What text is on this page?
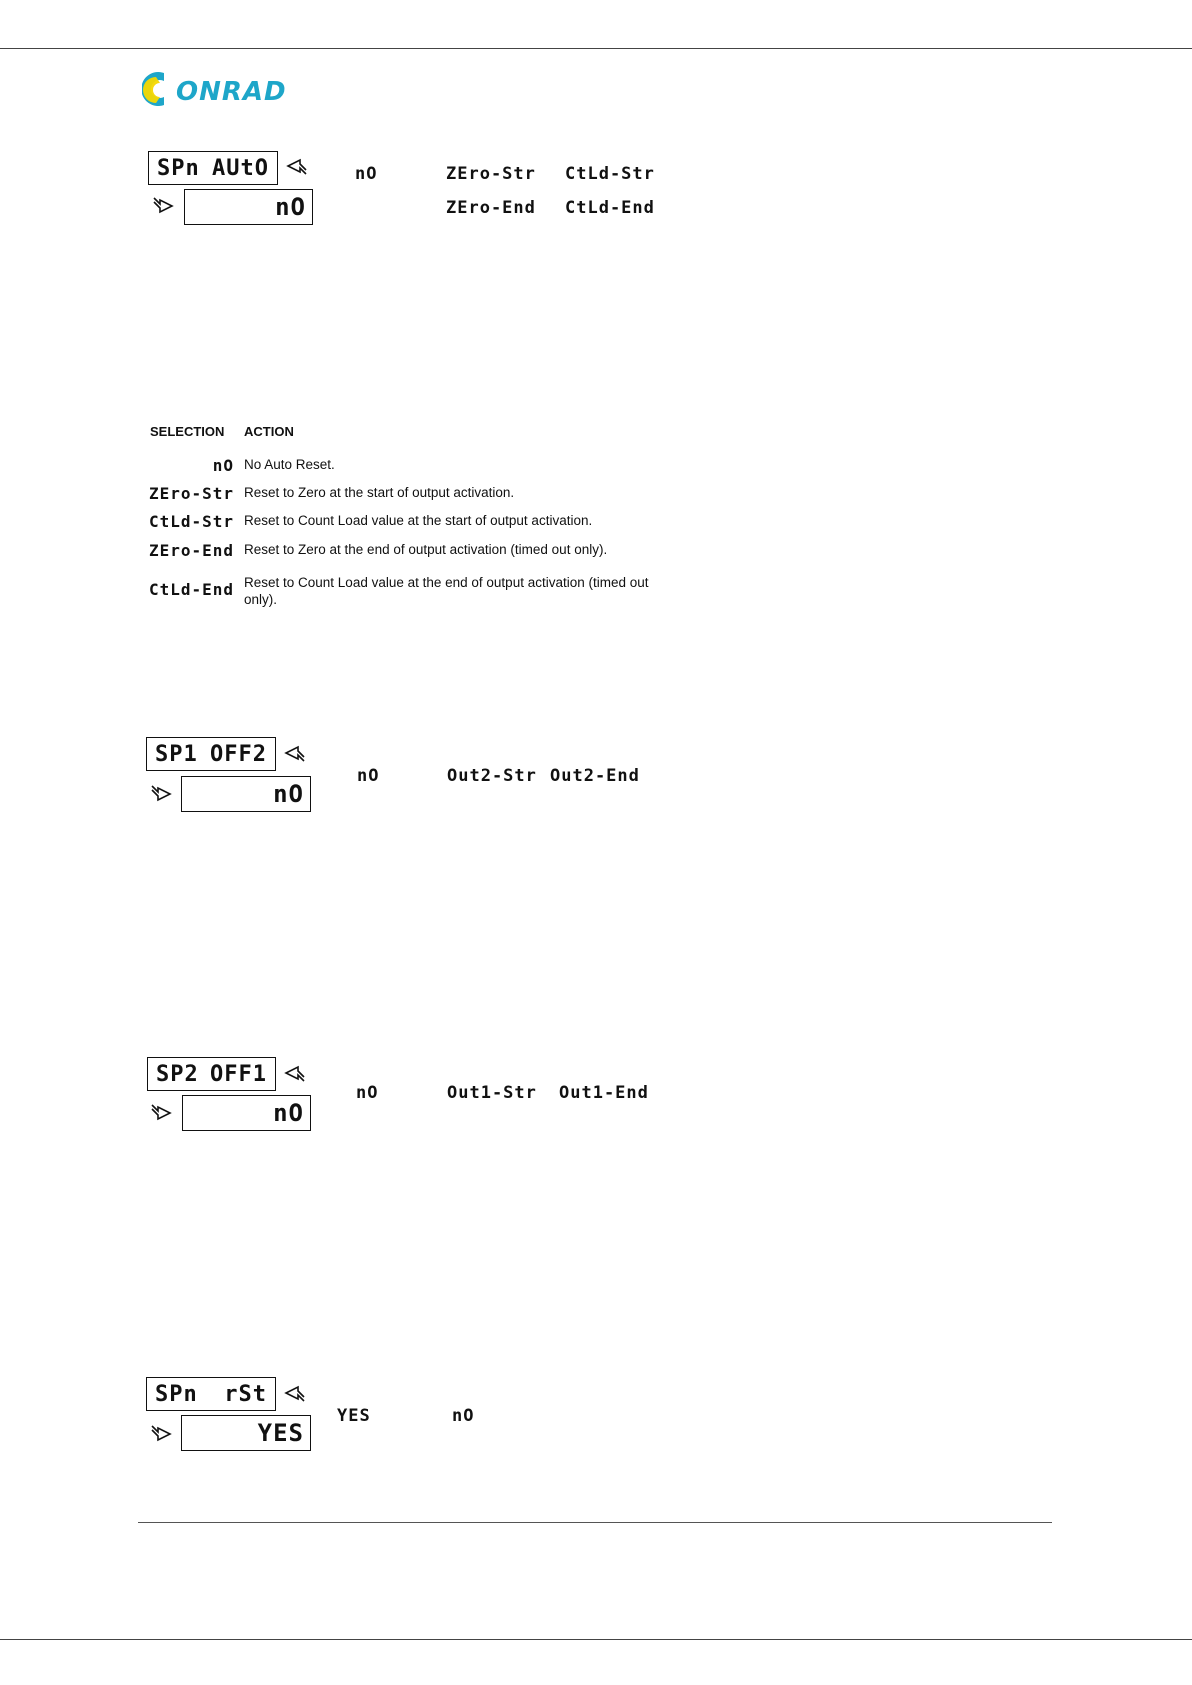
ONRAD
SPn AUtO
nO
nO	ZEro-Str CtLd-Str
ZEro-End CtLd-End
SELECTION ACTION
nO No Auto Reset.
ZEro-Str Reset to Zero at the start of output activation.
CtLd-Str Reset to Count Load value at the start of output activation.
ZEro-End Reset to Zero at the end of output activation (timed out only).
CtLd-End Reset to Count Load value at the end of output activation (timed out only).
SP1 OFF2
nO
nO	Out2-Str Out2-End
SP2 OFF1
nO
nO	Out1-Str Out1-End
SPn rSt
YES
YES	nO
